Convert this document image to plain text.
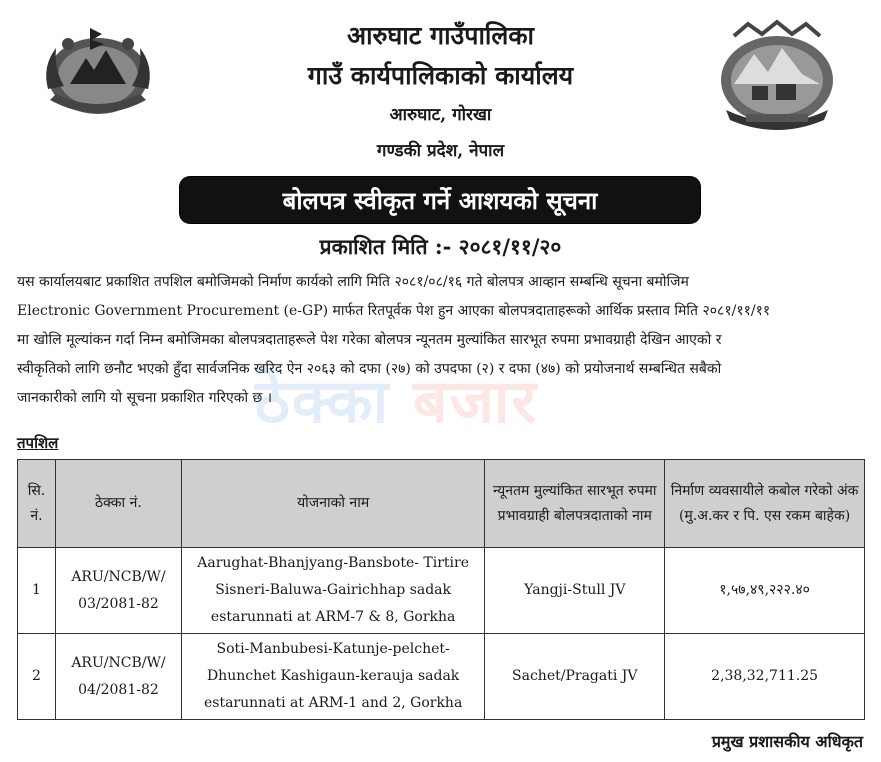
आरुघाट गाउँपालिका
गाउँ कार्यपालिकाको कार्यालय
आरुघाट, गोरखा
गण्डकी प्रदेश, नेपाल
बोलपत्र स्वीकृत गर्ने आशयको सूचना
प्रकाशित मिति :- २०८१/११/२०
यस कार्यालयबाट प्रकाशित तपशिल बमोजिमको निर्माण कार्यको लागि मिति २०८१/०८/१६ गते बोलपत्र आव्हान सम्बन्धि सूचना बमोजिम
Electronic Government Procurement (e-GP) मार्फत रितपूर्वक पेश हुन आएका बोलपत्रदाताहरूको आर्थिक प्रस्ताव मिति २०८१/११/११
मा खोलि मूल्यांकन गर्दा निम्न बमोजिमका बोलपत्रदाताहरूले पेश गरेका बोलपत्र न्यूनतम मुल्यांकित सारभूत रुपमा प्रभावग्राही देखिन आएको र
स्वीकृतिको लागि छनौट भएको हुँदा सार्वजनिक खरिद ऐन २०६३ को दफा (२७) को उपदफा (२) र दफा (४७) को प्रयोजनार्थ सम्बन्धित सबैको
जानकारीको लागि यो सूचना प्रकाशित गरिएको छ ।
ठेक्का बजार
तपशिल
सि. नं.	ठेक्का नं.	योजनाको नाम	न्यूनतम मुल्यांकित सारभूत रुपमा प्रभावग्राही बोलपत्रदाताको नाम	निर्माण व्यवसायीले कबोल गरेको अंक (मु.अ.कर र पि. एस रकम बाहेक)
1	ARU/NCB/W/ 03/2081-82	Aarughat-Bhanjyang-Bansbote- Tirtire Sisneri-Baluwa-Gairichhap sadak estarunnati at ARM-7 & 8, Gorkha	Yangji-Stull JV	१,५७,४९,२२२.४०
2	ARU/NCB/W/ 04/2081-82	Soti-Manbubesi-Katunje-pelchet- Dhunchet Kashigaun-kerauja sadak estarunnati at ARM-1 and 2, Gorkha	Sachet/Pragati JV	2,38,32,711.25
प्रमुख प्रशासकीय अधिकृत
